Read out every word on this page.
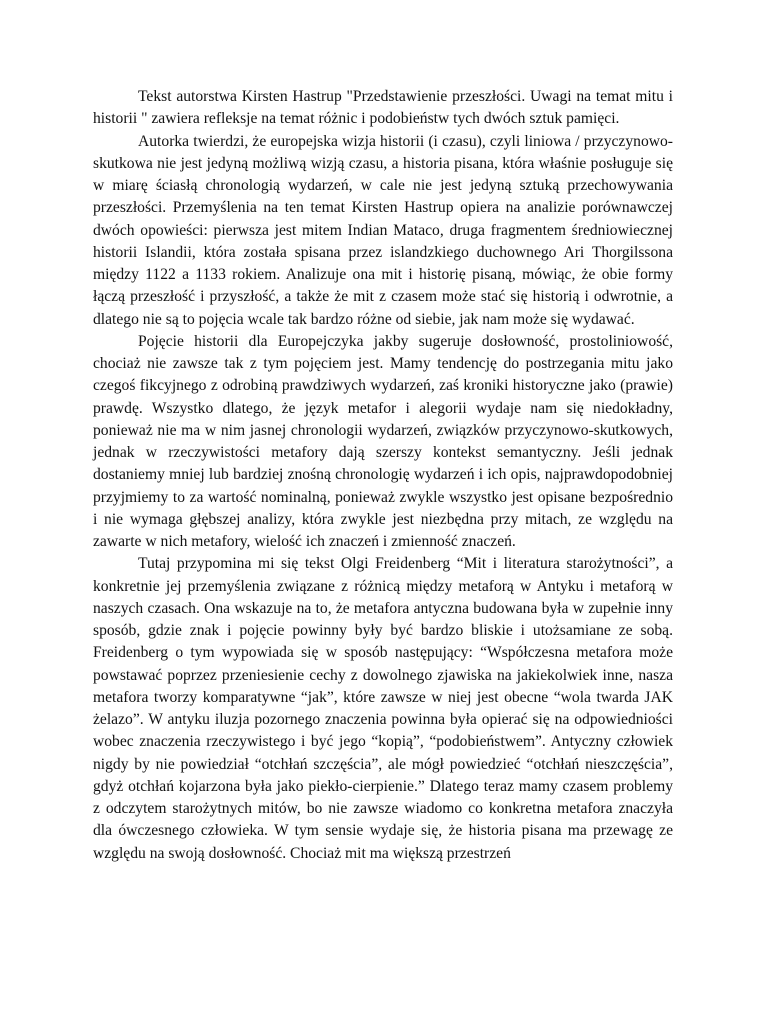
Tekst autorstwa Kirsten Hastrup "Przedstawienie przeszłości. Uwagi na temat mitu i historii " zawiera refleksje na temat różnic i podobieństw tych dwóch sztuk pamięci.

Autorka twierdzi, że europejska wizja historii (i czasu), czyli liniowa / przyczynowo-skutkowa nie jest jedyną możliwą wizją czasu, a historia pisana, która właśnie posługuje się w miarę ściasłą chronologią wydarzeń, w cale nie jest jedyną sztuką przechowywania przeszłości. Przemyślenia na ten temat Kirsten Hastrup opiera na analizie porównawczej dwóch opowieści: pierwsza jest mitem Indian Mataco, druga fragmentem średniowiecznej historii Islandii, która została spisana przez islandzkiego duchownego Ari Thorgilssona między 1122 a 1133 rokiem. Analizuje ona mit i historię pisaną, mówiąc, że obie formy łączą przeszłość i przyszłość, a także że mit z czasem może stać się historią i odwrotnie, a dlatego nie są to pojęcia wcale tak bardzo różne od siebie, jak nam może się wydawać.

Pojęcie historii dla Europejczyka jakby sugeruje dosłowność, prostoliniowość, chociaż nie zawsze tak z tym pojęciem jest. Mamy tendencję do postrzegania mitu jako czegoś fikcyjnego z odrobiną prawdziwych wydarzeń, zaś kroniki historyczne jako (prawie) prawdę. Wszystko dlatego, że język metafor i alegorii wydaje nam się niedokładny, ponieważ nie ma w nim jasnej chronologii wydarzeń, związków przyczynowo-skutkowych, jednak w rzeczywistości metafory dają szerszy kontekst semantyczny. Jeśli jednak dostaniemy mniej lub bardziej znośną chronologię wydarzeń i ich opis, najprawdopodobniej przyjmiemy to za wartość nominalną, ponieważ zwykle wszystko jest opisane bezpośrednio i nie wymaga głębszej analizy, która zwykle jest niezbędna przy mitach, ze względu na zawarte w nich metafory, wielość ich znaczeń i zmienność znaczeń.

Tutaj przypomina mi się tekst Olgi Freidenberg “Mit i literatura starożytności”, a konkretnie jej przemyślenia związane z różnicą między metaforą w Antyku i metaforą w naszych czasach. Ona wskazuje na to, że metafora antyczna budowana była w zupełnie inny sposób, gdzie znak i pojęcie powinny były być bardzo bliskie i utożsamiane ze sobą. Freidenberg o tym wypowiada się w sposób następujący: “Współczesna metafora może powstawać poprzez przeniesienie cechy z dowolnego zjawiska na jakiekolwiek inne, nasza metafora tworzy komparatywne “jak”, które zawsze w niej jest obecne “wola twarda JAK żelazo”. W antyku iluzja pozornego znaczenia powinna była opierać się na odpowiedniości wobec znaczenia rzeczywistego i być jego “kopią”, “podobieństwem”. Antyczny człowiek nigdy by nie powiedział “otchłań szczęścia”, ale mógł powiedzieć “otchłań nieszczęścia”, gdyż otchłań kojarzona była jako piekło-cierpienie.” Dlatego teraz mamy czasem problemy z odczytem starożytnych mitów, bo nie zawsze wiadomo co konkretna metafora znaczyła dla ówczesnego człowieka. W tym sensie wydaje się, że historia pisana ma przewagę ze względu na swoją dosłowność. Chociaż mit ma większą przestrzeń
